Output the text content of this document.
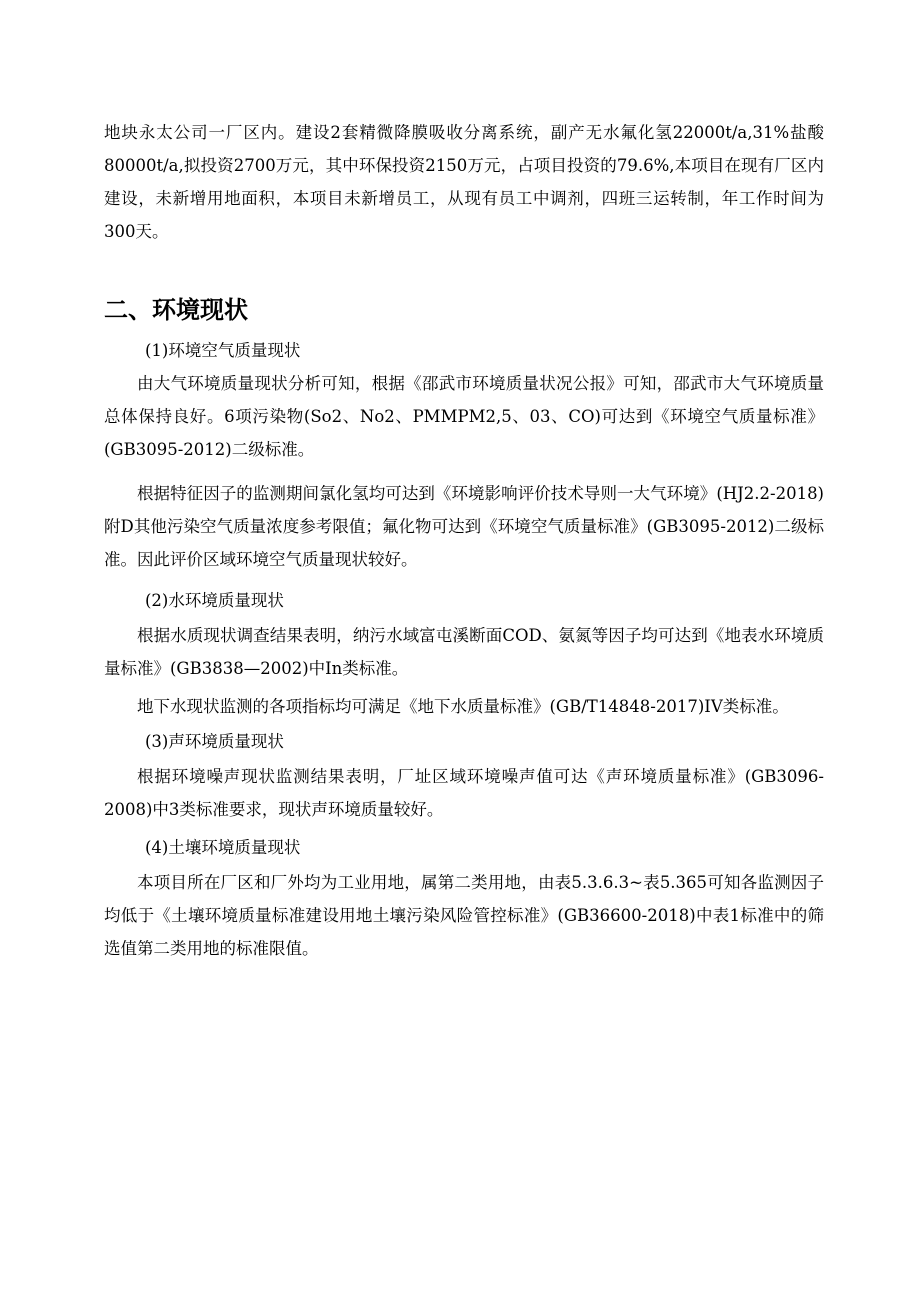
地块永太公司一厂区内。建设2套精微降膜吸收分离系统，副产无水氟化氢22000t/a,31%盐酸80000t/a,拟投资2700万元，其中环保投资2150万元，占项目投资的79.6%,本项目在现有厂区内建设，未新增用地面积，本项目未新增员工，从现有员工中调剂，四班三运转制，年工作时间为300天。

二、环境现状

(1)环境空气质量现状

由大气环境质量现状分析可知，根据《邵武市环境质量状况公报》可知，邵武市大气环境质量总体保持良好。6项污染物(So2、No2、PMMPM2,5、03、CO)可达到《环境空气质量标准》(GB3095-2012)二级标准。

根据特征因子的监测期间氯化氢均可达到《环境影响评价技术导则一大气环境》(HJ2.2-2018)附D其他污染空气质量浓度参考限值；氟化物可达到《环境空气质量标准》(GB3095-2012)二级标准。因此评价区域环境空气质量现状较好。

(2)水环境质量现状

根据水质现状调查结果表明，纳污水域富屯溪断面COD、氨氮等因子均可达到《地表水环境质量标准》(GB3838—2002)中In类标准。

地下水现状监测的各项指标均可满足《地下水质量标准》(GB/T14848-2017)IV类标准。

(3)声环境质量现状

根据环境噪声现状监测结果表明，厂址区域环境噪声值可达《声环境质量标准》(GB3096-2008)中3类标准要求，现状声环境质量较好。

(4)土壤环境质量现状

本项目所在厂区和厂外均为工业用地，属第二类用地，由表5.3.6.3~表5.365可知各监测因子均低于《土壤环境质量标准建设用地土壤污染风险管控标准》(GB36600-2018)中表1标准中的筛选值第二类用地的标准限值。
